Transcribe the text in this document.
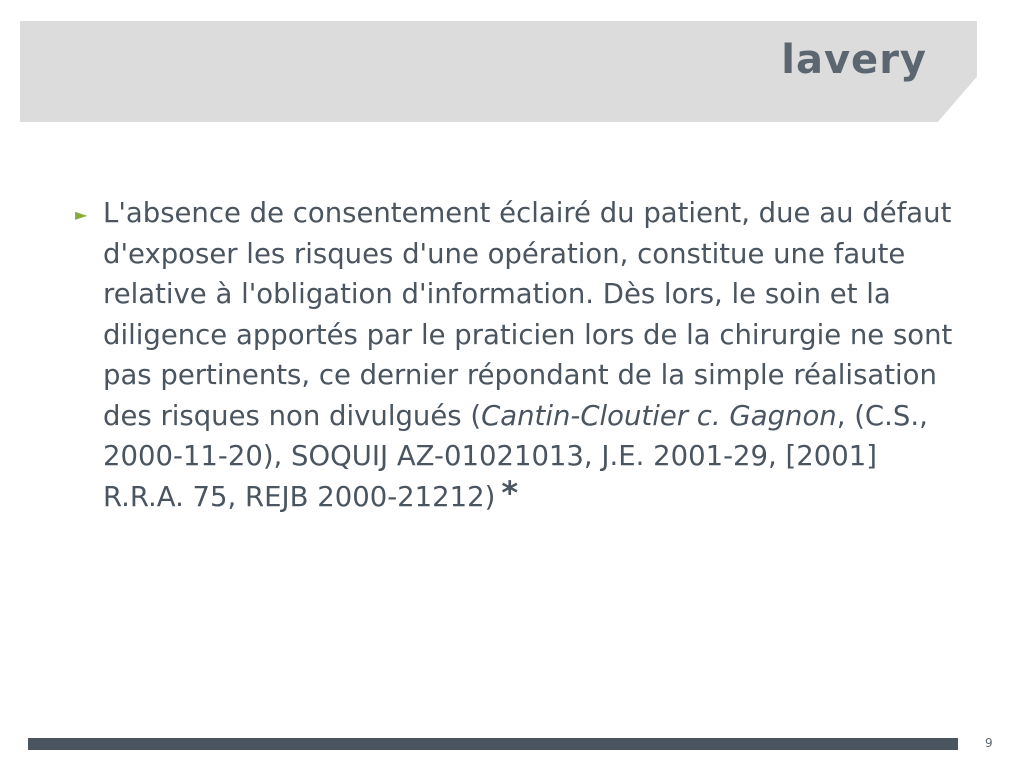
lavery
► L'absence de consentement éclairé du patient, due au défaut d'exposer les risques d'une opération, constitue une faute relative à l'obligation d'information. Dès lors, le soin et la diligence apportés par le praticien lors de la chirurgie ne sont pas pertinents, ce dernier répondant de la simple réalisation des risques non divulgués (Cantin-Cloutier c. Gagnon, (C.S., 2000-11-20), SOQUIJ AZ-01021013, J.E. 2001-29, [2001] R.R.A. 75, REJB 2000-21212) *
9
